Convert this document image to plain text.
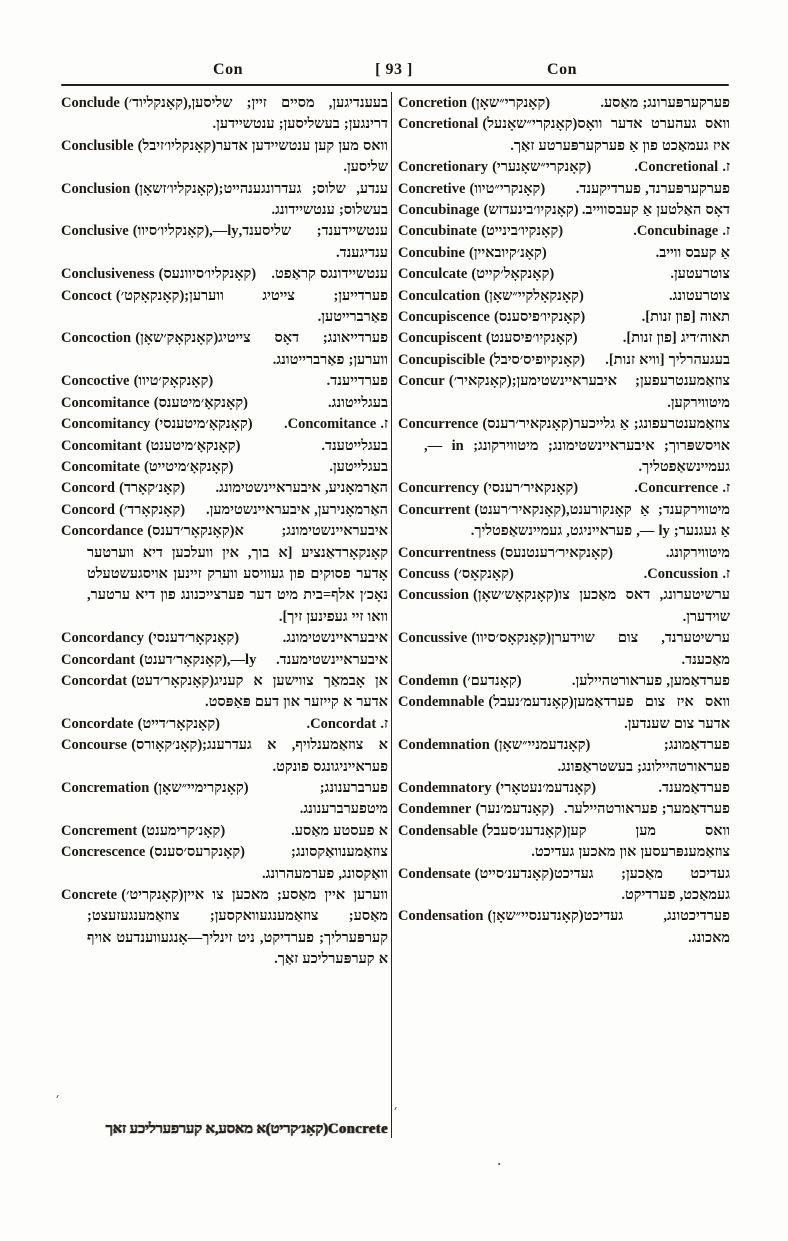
Con	[ 93 ]	Con
Conclude (קאָנקליוד׳) בעענדיגען, מסיים זיין; שליסען, דרינגען; בעשליסען; ענטשיידען.
Conclusible (קאָנקליו׳זיבל) וואס מען קען ענטשיידען אדער שליסען.
Conclusion (קאָנקליו׳זשאָן) ענדע, שלוס; געדרונגענהייט; בעשלוס; ענטשיידונג.
Conclusive (קאָנקליו׳סיוו),—ly ענטשיידענד; שליסענד, ענדיגענד.
Conclusiveness (קאָנקליו׳סיוונעס) ענטשיידונגס קראַפט.
Concoct (קאָנקאָקט׳) פערדייען; צייטיג ווערען; פאַרברייטען.
Concoction (קאָנקאָק׳שאָן) פערדייאונג; דאָס צייטיג ווערען; פאַרברייטונג.
Concoctive (קאָנקאָק׳טיוו)	פערדייענד.
Concomitance (קאָנקאָ׳מיטענס)	בעגלייטונג.
Concomitancy (קאָנקאָ׳מיטענסי) ז. Concomitance.
Concomitant (קאָנקאָ׳מיטענט)	בעגלייטענד.
Concomitate (קאָנקאָ׳מיטייט)	בעגלייטען.
Concord (קאָנ׳קאָרד) האַרמאָניע, איבעראיינשטימונג.
Concord (קאָנקאָרד׳) האַרמאָנירען, איבעראיינשטימען.
Concordance (קאָנקאָר׳דענס) איבעראיינשטימונג; א קאָנקאָרדאַנציע [א בוך, אין וועלכען דיא ווערטער אָדער פסוקים פון געוויסע ווערק זיינען אויסגעשטעלט נאָכ׳ן אלף=בית מיט דער פערצייכנונג פון דיא ערטער, וואו זיי געפינען זיך].
Concordancy (קאָנקאָר׳דענסי)	איבעראיינשטימונג.
Concordant (קאָנקאָר׳דענט),—ly איבעראיינשטימענד.
Concordat (קאָנקאָר׳דעט) אן אָבמאַך צווישען א קעניג אדער א קייזער און דעם פּאַפּסט.
Concordate (קאָנקאָר׳דייט)	ז. Concordat.
Concourse (קאָנ׳קאָורס) א צוזאַמענלויף, א געדרענג; פעראייניגונגס פונקט.
Concremation (קאָנקרימיי״שאָן)	פערברענונג; מיטפערברענונג.
Concrement (קאָנ׳קרימענט)	א פעסטע מאַסע.
Concrescence (קאָנקרעס׳סענס)	צוזאַמענוואַקסונג; וואַקסונג, פערמעהרונג.
Concrete (קאָנקריט׳) ווערען איין מאַסע; מאכען צו איין מאַסע; צוזאַמענגעוואקסען; צוזאַמענגעזעצט; קערפּערליך; פערדיקט, ניט זינליך—אָנגעווענדעט אויף א קערפּערליכע זאַך.
Concrete(קאָנ׳קריט)א מאסע,א קערפערליכע זאך
Concretion (קאָנקרי״שאָן)	פערקערפּערונג; מאַסע.
Concretional (קאָנקרי״שאָנעל) וואס געהערט אדער וואָס איז געמאַכט פון אַ פערקערפּערטע זאַך.
Concretionary (קאָנקרי״שאָנערי)	ז. Concretional.
Concretive (קאָנקרי״טיוו) פערקערפּערנד, פערדיקענד.
Concubinage (קאָנקיו׳בינעדזש) דאָס האַלטען אַ קעבסווייב.
Concubinate (קאָנקיו׳בינייט)	ז. Concubinage.
Concubine (קאָנ׳קיובאיין)	אַ קעבס ווייב.
Conculcate (קאָנקאָל׳קייט)	צוטרעטען.
Conculcation (קאָנקאָלקיי״שאָן)	צוטרעטונג.
Concupiscence (קאָנקיו׳פיסענס)	תאוה [פון זנות].
Concupiscent (קאָנקיו׳פיסענט)	תאוה׳דיג [פון זנות].
Concupiscible (קאָנקיופיס׳סיבל) בעגעהרליך [וויא זנות].
Concur (קאָנקאיר׳) צוזאַמענטרעפען; איבעראיינשטימען; מיטווירקען.
Concurrence (קאָנקאיר׳רענס) צוזאַמענטרעפונג; אַ גלייכער אויסשפּרוך; איבעראיינשטימונג; מיטווירקונג; in —, געמיינשאַפטליך.
Concurrency (קאָנקאיר׳רענסי)	ז. Concurrence.
Concurrent (קאָנקאיר׳רענט) מיטווירקענד; אַ קאָנקורענט, אַ געגנער; ly —, פעראייניגט, געמיינשאַפטליך.
Concurrentness (קאָנקאיר׳רענטנעס)	מיטווירקונג.
Concuss (קאָנקאָס׳)	ז. Concussion.
Concussion (קאָנקאָש׳שאָן) ערשיטערונג, דאס מאַכען צו שוידערן.
Concussive (קאָנקאָס׳סיוו) ערשיטערנד, צום שוידערן מאַכענד.
Condemn (קאָנדעם׳)	פערדאַמען, פעראורטהיילען.
Condemnable (קאָנדעמ׳נעבל) וואס איז צום פערדאַמען אדער צום שענדען.
Condemnation (קאָנדעמניי״שאָן)	פערדאַמונג; פעראורטהיילונג; בעשטראַפונג.
Condemnatory (קאָנדעמ׳נעטאָרי)	פערדאַמענד.
Condemner (קאָנדעמ׳נער) פערדאַמער; פעראורטהיילער.
Condensable (קאָנדענ׳סעבל) וואס מען קען צוזאַמענפּרעסען און מאכען געדיכט.
Condensate (קאָנדענ׳סייט) געדיכט מאַכען; געדיכט געמאַכט, פערדיקט.
Condensation (קאָנדענסיי״שאָן) פערדיכטונג, געדיכט מאכונג.
׳
׳
·
